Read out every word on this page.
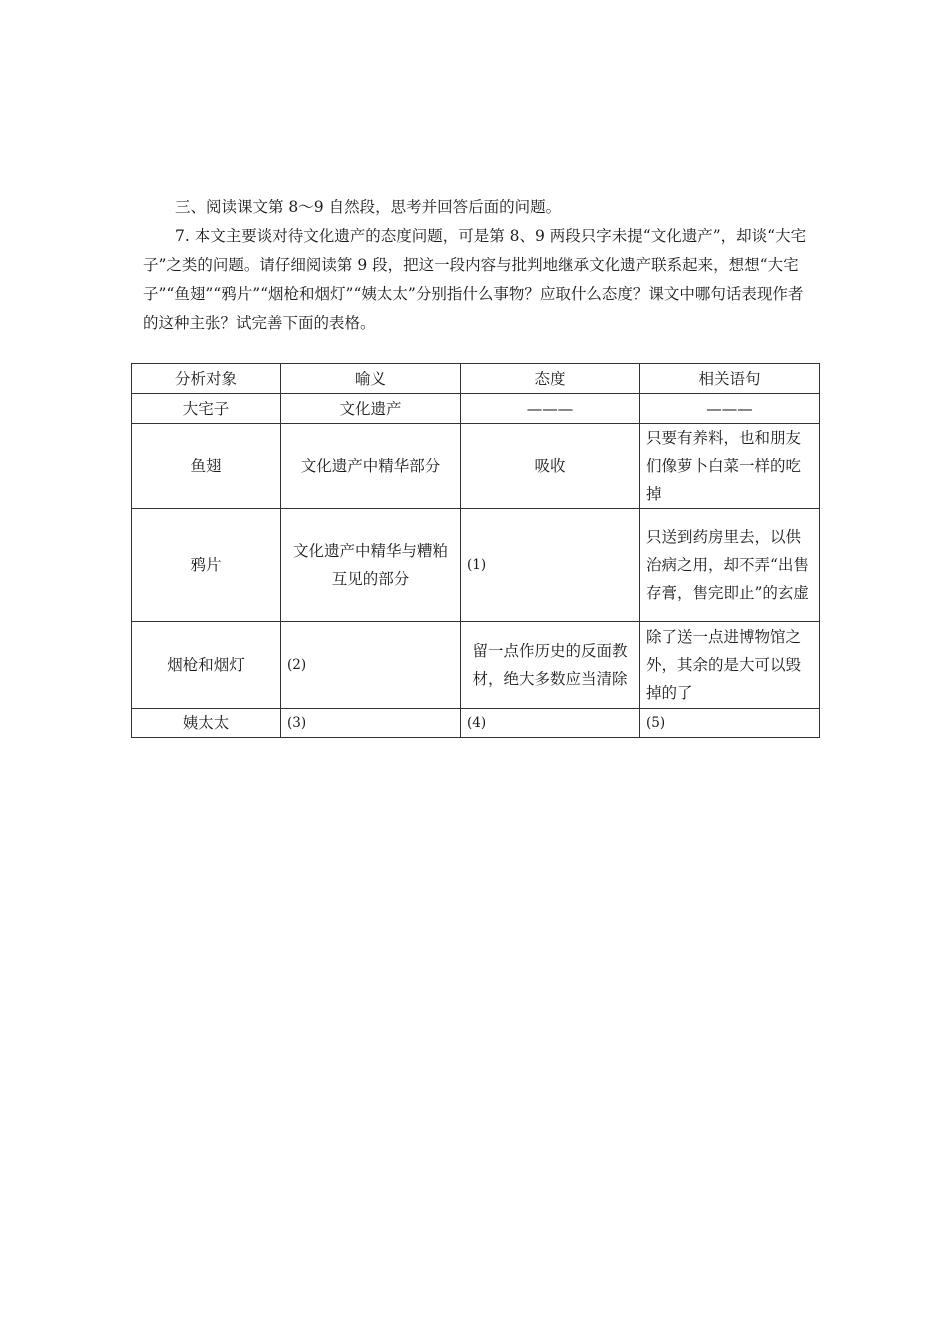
三、阅读课文第 8～9 自然段，思考并回答后面的问题。

7. 本文主要谈对待文化遗产的态度问题，可是第 8、9 两段只字未提“文化遗产”，却谈“大宅子”之类的问题。请仔细阅读第 9 段，把这一段内容与批判地继承文化遗产联系起来，想想“大宅子”“鱼翅”“鸦片”“烟枪和烟灯”“姨太太”分别指什么事物？应取什么态度？课文中哪句话表现作者的这种主张？试完善下面的表格。

分析对象	喻义	态度	相关语句
大宅子	文化遗产	———	———
鱼翅	文化遗产中精华部分	吸收	只要有养料，也和朋友们像萝卜白菜一样的吃掉
鸦片	文化遗产中精华与糟粕互见的部分	(1)	只送到药房里去，以供治病之用，却不弄“出售存膏，售完即止”的玄虚
烟枪和烟灯	(2)	留一点作历史的反面教材，绝大多数应当清除	除了送一点进博物馆之外，其余的是大可以毁掉的了
姨太太	(3)	(4)	(5)
